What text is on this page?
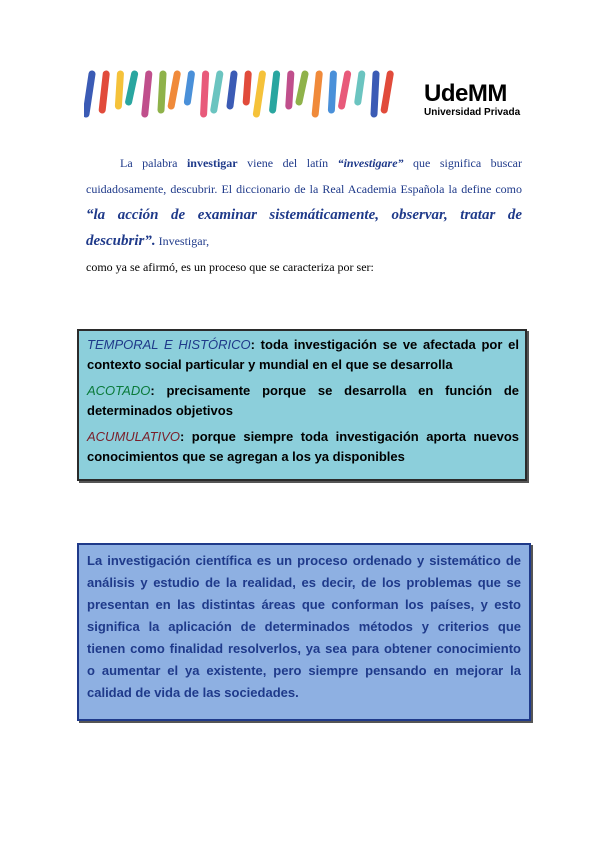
UdeMM
Universidad Privada
La palabra investigar viene del latín “investigare” que significa buscar cuidadosamente, descubrir. El diccionario de la Real Academia Española la define como “la acción de examinar sistemáticamente, observar, tratar de descubrir”. Investigar,
como ya se afirmó, es un proceso que se caracteriza por ser:

TEMPORAL E HISTÓRICO: toda investigación se ve afectada por el contexto social particular y mundial en el que se desarrolla

ACOTADO: precisamente porque se desarrolla en función de determinados objetivos

ACUMULATIVO: porque siempre toda investigación aporta nuevos conocimientos que se agregan a los ya disponibles

La investigación científica es un proceso ordenado y sistemático de análisis y estudio de la realidad, es decir, de los problemas que se presentan en las distintas áreas que conforman los países, y esto significa la aplicación de determinados métodos y criterios que tienen como finalidad resolverlos, ya sea para obtener conocimiento o aumentar el ya existente, pero siempre pensando en mejorar la calidad de vida de las sociedades.
